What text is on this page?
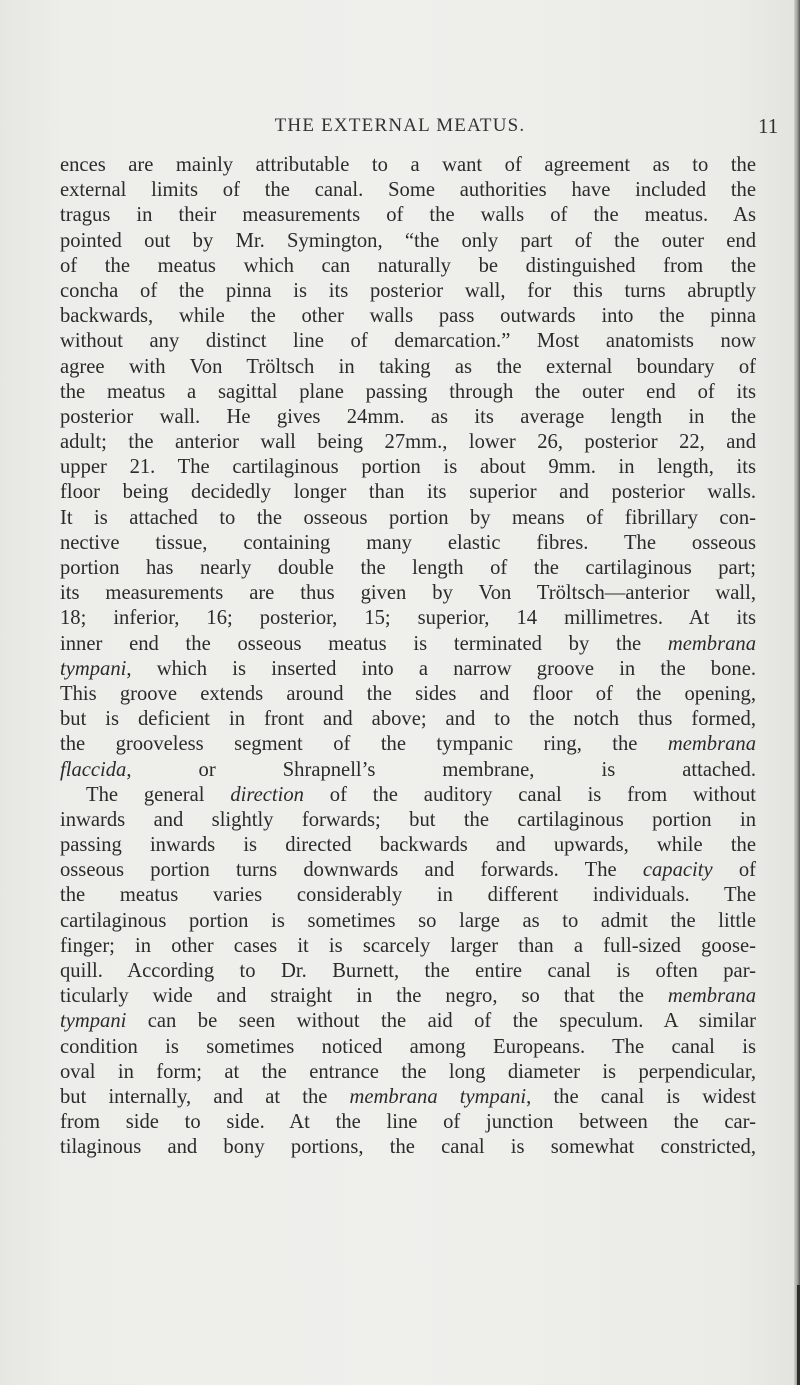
THE EXTERNAL MEATUS.	11
ences are mainly attributable to a want of agreement as to the
external limits of the canal. Some authorities have included the
tragus in their measurements of the walls of the meatus. As
pointed out by Mr. Symington, “the only part of the outer end
of the meatus which can naturally be distinguished from the
concha of the pinna is its posterior wall, for this turns abruptly
backwards, while the other walls pass outwards into the pinna
without any distinct line of demarcation.” Most anatomists now
agree with Von Tröltsch in taking as the external boundary of
the meatus a sagittal plane passing through the outer end of its
posterior wall. He gives 24mm. as its average length in the
adult; the anterior wall being 27mm., lower 26, posterior 22, and
upper 21. The cartilaginous portion is about 9mm. in length, its
floor being decidedly longer than its superior and posterior walls.
It is attached to the osseous portion by means of fibrillary con-
nective tissue, containing many elastic fibres. The osseous
portion has nearly double the length of the cartilaginous part;
its measurements are thus given by Von Tröltsch—anterior wall,
18; inferior, 16; posterior, 15; superior, 14 millimetres. At its
inner end the osseous meatus is terminated by the membrana
tympani, which is inserted into a narrow groove in the bone.
This groove extends around the sides and floor of the opening,
but is deficient in front and above; and to the notch thus formed,
the grooveless segment of the tympanic ring, the membrana
flaccida, or Shrapnell’s membrane, is attached.
The general direction of the auditory canal is from without
inwards and slightly forwards; but the cartilaginous portion in
passing inwards is directed backwards and upwards, while the
osseous portion turns downwards and forwards. The capacity of
the meatus varies considerably in different individuals. The
cartilaginous portion is sometimes so large as to admit the little
finger; in other cases it is scarcely larger than a full-sized goose-
quill. According to Dr. Burnett, the entire canal is often par-
ticularly wide and straight in the negro, so that the membrana
tympani can be seen without the aid of the speculum. A similar
condition is sometimes noticed among Europeans. The canal is
oval in form; at the entrance the long diameter is perpendicular,
but internally, and at the membrana tympani, the canal is widest
from side to side. At the line of junction between the car-
tilaginous and bony portions, the canal is somewhat constricted,
